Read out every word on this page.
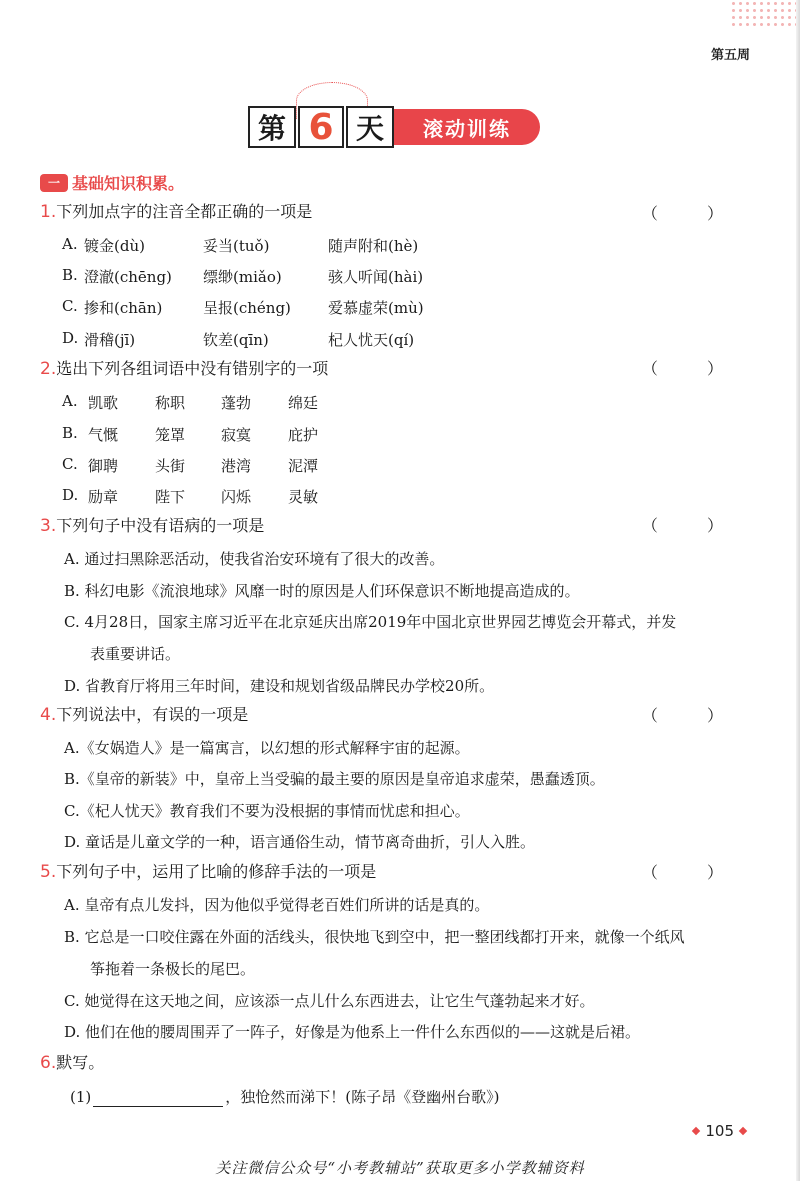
第五周
第 6 天	滚动训练
一 基础知识积累。
1.下列加点字的注音全都正确的一项是	（ ）
A. 镀金(dù)	妥当(tuǒ)	随声附和(hè)
B. 澄澈(chēng) 缥缈(miǎo)	骇人听闻(hài)
C. 掺和(chān)	呈报(chéng) 爱慕虚荣(mù)
D. 滑稽(jī)	钦差(qīn)	杞人忧天(qí)
2.选出下列各组词语中没有错别字的一项	（ ）
A. 凯歌 称职 蓬勃 绵廷
B. 气慨 笼罩 寂寞 庇护
C. 御聘 头街 港湾 泥潭
D. 励章 陛下 闪烁 灵敏
3.下列句子中没有语病的一项是	（ ）
A. 通过扫黑除恶活动，使我省治安环境有了很大的改善。
B. 科幻电影《流浪地球》风靡一时的原因是人们环保意识不断地提高造成的。
C. 4月28日，国家主席习近平在北京延庆出席2019年中国北京世界园艺博览会开幕式，并发
表重要讲话。
D. 省教育厅将用三年时间，建设和规划省级品牌民办学校20所。
4.下列说法中，有误的一项是	（ ）
A.《女娲造人》是一篇寓言，以幻想的形式解释宇宙的起源。
B.《皇帝的新装》中，皇帝上当受骗的最主要的原因是皇帝追求虚荣，愚蠢透顶。
C.《杞人忧天》教育我们不要为没根据的事情而忧虑和担心。
D. 童话是儿童文学的一种，语言通俗生动，情节离奇曲折，引人入胜。
5.下列句子中，运用了比喻的修辞手法的一项是	（ ）
A. 皇帝有点儿发抖，因为他似乎觉得老百姓们所讲的话是真的。
B. 它总是一口咬住露在外面的活线头，很快地飞到空中，把一整团线都打开来，就像一个纸风
筝拖着一条极长的尾巴。
C. 她觉得在这天地之间，应该添一点儿什么东西进去，让它生气蓬勃起来才好。
D. 他们在他的腰周围弄了一阵子，好像是为他系上一件什么东西似的——这就是后裙。
6.默写。
(1)	，独怆然而涕下！(陈子昂《登幽州台歌》)
105
关注微信公众号“小考教辅站”获取更多小学教辅资料
